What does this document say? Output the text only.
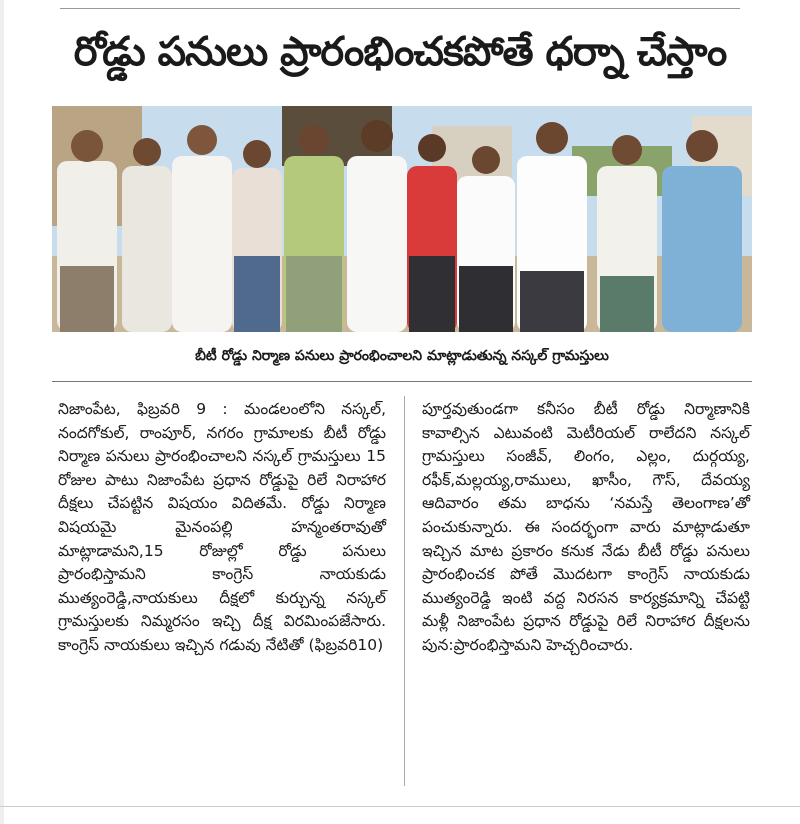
రోడ్డు పనులు ప్రారంభించకపోతే ధర్నా చేస్తాం
బీటీ రోడ్డు నిర్మాణ పనులు ప్రారంభించాలని మాట్లాడుతున్న నస్కల్ గ్రామస్తులు
నిజాంపేట, ఫిబ్రవరి 9 : మండలంలోని నస్కల్, నందగోకుల్, రాంపూర్, నగరం గ్రామాలకు బీటీ రోడ్డు నిర్మాణ పనులు ప్రారంభించాలని నస్కల్ గ్రామస్తులు 15 రోజుల పాటు నిజాంపేట ప్రధాన రోడ్డుపై రిలే నిరాహార దీక్షలు చేపట్టిన విషయం విదితమే. రోడ్డు నిర్మాణ విషయమై మైనంపల్లి హన్మంతరావుతో మాట్లాడామని,15 రోజుల్లో రోడ్డు పనులు ప్రారంభిస్తామని కాంగ్రెస్ నాయకుడు ముత్యంరెడ్డి,నాయకులు దీక్షలో కుర్చున్న నస్కల్ గ్రామస్తులకు నిమ్మరసం ఇచ్చి దీక్ష విరమింపజేసారు. కాంగ్రెస్ నాయకులు ఇచ్చిన గడువు నేటితో (ఫిబ్రవరి10)
పూర్తవుతుండగా కనీసం బీటీ రోడ్డు నిర్మాణానికి కావాల్సిన ఎటువంటి మెటీరియల్ రాలేదని నస్కల్ గ్రామస్తులు సంజీవ్, లింగం, ఎల్లం, దుర్గయ్య, రఫీక్,మల్లయ్య,రాములు, ఖాసీం, గౌస్, దేవయ్య ఆదివారం తమ బాధను ‘నమస్తే తెలంగాణ’తో పంచుకున్నారు. ఈ సందర్భంగా వారు మాట్లాడుతూ ఇచ్చిన మాట ప్రకారం కనుక నేడు బీటీ రోడ్డు పనులు ప్రారంభించక పోతే మొదటగా కాంగ్రెస్ నాయకుడు ముత్యంరెడ్డి ఇంటి వద్ద నిరసన కార్యక్రమాన్ని చేపట్టి మళ్లీ నిజాంపేట ప్రధాన రోడ్డుపై రిలే నిరాహార దీక్షలను పున:ప్రారంభిస్తామని హెచ్చరించారు.
